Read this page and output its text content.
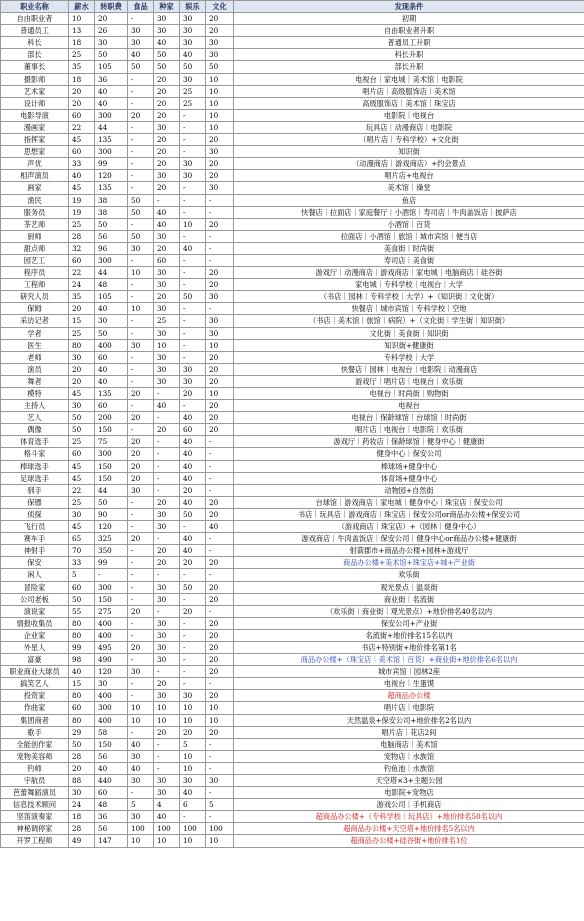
职业名称	薪水	转职费	食品	种家	娱乐	文化	发现条件
自由职业者	10	20	-	30	30	20	初期
普通员工	13	26	30	30	30	20	自由职业者升职
科长	18	30	30	40	30	30	普通员工升职
部长	25	50	40	50	40	30	科长升职
董事长	35	105	50	50	50	50	部长升职
摄影师	18	36	-	20	30	10	电视台｜家电城｜美术馆｜电影院
艺术家	20	40	-	20	25	10	唱片店｜高级服饰店｜美术馆
设计师	20	40	-	20	25	10	高级服饰店｜美术馆｜珠宝店
电影导演	60	300	20	20	-	10	电影院｜电视台
漫画家	22	44	-	30	-	10	玩具店｜动漫商店｜电影院
指挥家	45	135	-	20	-	20	（唱片店｜专科学校）+文化街
思想家	60	300	-	20	-	30	知识街
声优	33	99	-	20	30	20	（动漫商店｜游戏商店）+约会景点
相声演员	40	120	-	30	30	20	唱片店+电视台
画家	45	135	-	20	-	30	美术馆｜澡堂
渔民	19	38	50	-	-	-	鱼店
服务员	19	38	50	40	-	-	快餐店｜拉面店｜家庭餐厅｜小酒馆｜寿司店｜牛肉盖饭店｜披萨店
茶艺师	25	50	-	40	10	20	小酒馆｜百货
厨师	28	56	50	30	-	-	拉面店｜小酒馆｜旅馆｜城市宾馆｜便当店
甜点师	32	96	30	20	40	-	美食街｜时尚街
园艺工	60	300	-	60	-	-	寿司店｜美食街
程序员	22	44	10	30	-	20	游戏厅｜动漫商店｜游戏商店｜家电城｜电脑商店｜硅谷街
工程师	24	48	-	30	-	20	家电城｜专科学校｜电视台｜大学
研究人员	35	105	-	20	50	30	（书店｜园林｜专科学校｜大学）+（知识街｜文化街）
保姆	20	40	10	30	-	-	快餐店｜城市宾馆｜专科学校｜空地
采访记者	15	30	-	25	-	30	（书店｜美术馆｜旅馆｜病院）+（文化街｜学生街｜知识街）
学者	25	50	-	30	-	30	文化街｜美食街｜知识街
医生	80	400	30	10	-	10	知识街+健康街
老师	30	60	-	30	-	20	专科学校｜大学
演员	20	40	-	30	30	20	快餐店｜园林｜电视台｜电影院｜动漫商店
舞者	20	40	-	30	30	20	游戏厅｜唱片店｜电视台｜欢乐街
模特	45	135	20	-	20	10	电视台｜时尚街｜购物街
主持人	30	60	-	40	-	20	电视台
艺人	50	200	20	-	40	20	电视台｜保龄球馆｜台球馆｜时尚街
偶像	50	150	-	20	60	20	唱片店｜电视台｜电影院｜欢乐街
体育选手	25	75	20	-	40	-	游戏厅｜药妆店｜保龄球馆｜健身中心｜健康街
格斗家	60	300	20	-	40	-	健身中心｜保安公司
棒球选手	45	150	20	-	40	-	棒球场+健身中心
足球选手	45	150	20	-	40	-	体育场+健身中心
驯手	22	44	30	-	20	-	动物园+自然街
保镖	25	50	-	20	40	20	台球馆｜游戏商店｜家电城｜健身中心｜珠宝店｜保安公司
侦探	30	90	-	30	50	20	书店｜玩具店｜游戏商店｜珠宝店｜保安公司or商品办公楼+保安公司
飞行员	45	120	-	30	-	40	（游戏商店｜珠宝店）+（园林｜健身中心）
赛车手	65	325	20	-	40	-	游戏商店｜牛肉盖饭店｜保安公司｜健身中心or商品办公楼+健康街
神射手	70	350	-	20	40	-	射箭郡市+商品办公楼+园林+游戏厅
保安	33	99	-	20	20	20	商品办公楼+美术馆+珠宝店+城+产业街
闲人	5	-	-	-	-	-	欢乐街
冒险家	60	300	-	30	50	20	观光景点｜温泉街
公司老板	50	150	-	30	-	20	商业街｜名流街
演说家	55	275	20	-	20	-	（欢乐街｜商业街｜观光景点）+地价排名40名以内
情报收集员	80	400	-	30	-	20	保安公司+产业街
企业家	80	400	-	30	-	20	名流街+地价排名15名以内
外星人	99	495	20	30	-	20	书店+特别街+地价排名第1名
富豪	98	490	-	30	-	20	商品办公楼+（珠宝店｜美术馆｜百货）+商业街+地价排名6名以内
职业商业大球员	40	120	30	-	-	20	城市宾馆｜园林2座
搞笑艺人	15	30	-	20	-	-	电视台｜生蛋馍
投资家	80	400	-	30	30	20	超商品办公楼
作曲家	60	300	10	10	10	10	唱片店｜电影院
集团商者	80	400	10	10	10	10	天然温泉+保安公司+地价排名2名以内
歌手	29	58	-	20	20	20	唱片店｜花店2间
全能创作家	50	150	40	-	5	-	电脑商店｜美术馆
宠物美容师	28	56	30	-	10	-	宠物店｜水族馆
钓师	20	40	40	-	10	-	钓鱼池｜水族馆
宇航员	88	440	30	30	30	30	天空塔×3+主题公园
芭蕾舞蹈演员	30	60	-	30	40	-	电影院+宠物店
信息技术顾问	24	48	5	4	6	5	游戏公司｜手机商店
坚笛演奏家	18	36	30	40	-	-	超商品办公楼+（专科学校｜玩具店）+地价排名50名以内
神秘调停家	28	56	100	100	100	100	超商品办公楼+天空塔+地价排名5名以内
开罗工程师	49	147	10	10	10	10	超商品办公楼+硅谷街+地价排名1位
